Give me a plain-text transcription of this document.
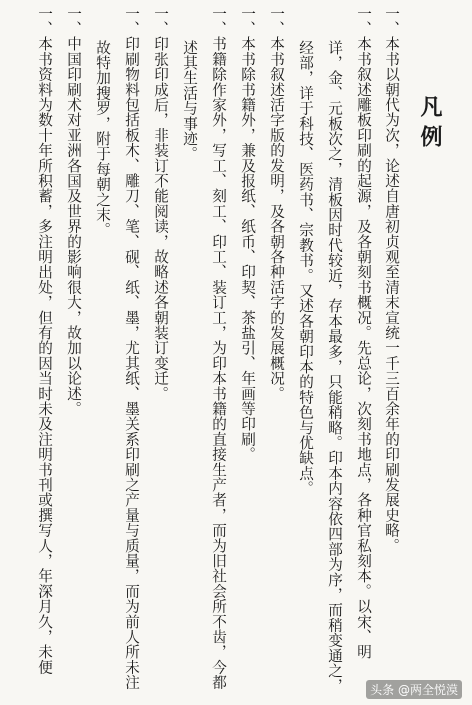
凡例
一、本书以朝代为次，论述自唐初贞观至清末宣统一千三百余年的印刷发展史略。
一、本书叙述雕板印刷的起源，及各朝刻书概况。先总论，次刻书地点，各种官私刻本。以宋、明
详，金、元板次之，清板因时代较近，存本最多，只能稍略。印本内容依四部为序，而稍变通之，
经部，详于科技、医药书、宗教书。又述各朝印本的特色与优缺点。
一、本书叙述活字版的发明，及各朝各种活字的发展概况。
一、本书除书籍外，兼及报纸、纸币、印契、茶盐引、年画等印刷。
一、书籍除作家外，写工、刻工、印工、装订工，为印本书籍的直接生产者，而为旧社会所不齿，今都
述其生活与事迹。
一、印张印成后，非装订不能阅读，故略述各朝装订变迁。
一、印刷物料包括板木、雕刀、笔、砚、纸、墨，尤其纸、墨关系印刷之产量与质量，而为前人所未注
故特加搜罗，附于每朝之末。
一、中国印刷术对亚洲各国及世界的影响很大，故加以论述。
一、本书资料为数十年所积蓄，多注明出处，但有的因当时未及注明书刊或撰写人，年深月久，未便
头条 @两全悦漠
